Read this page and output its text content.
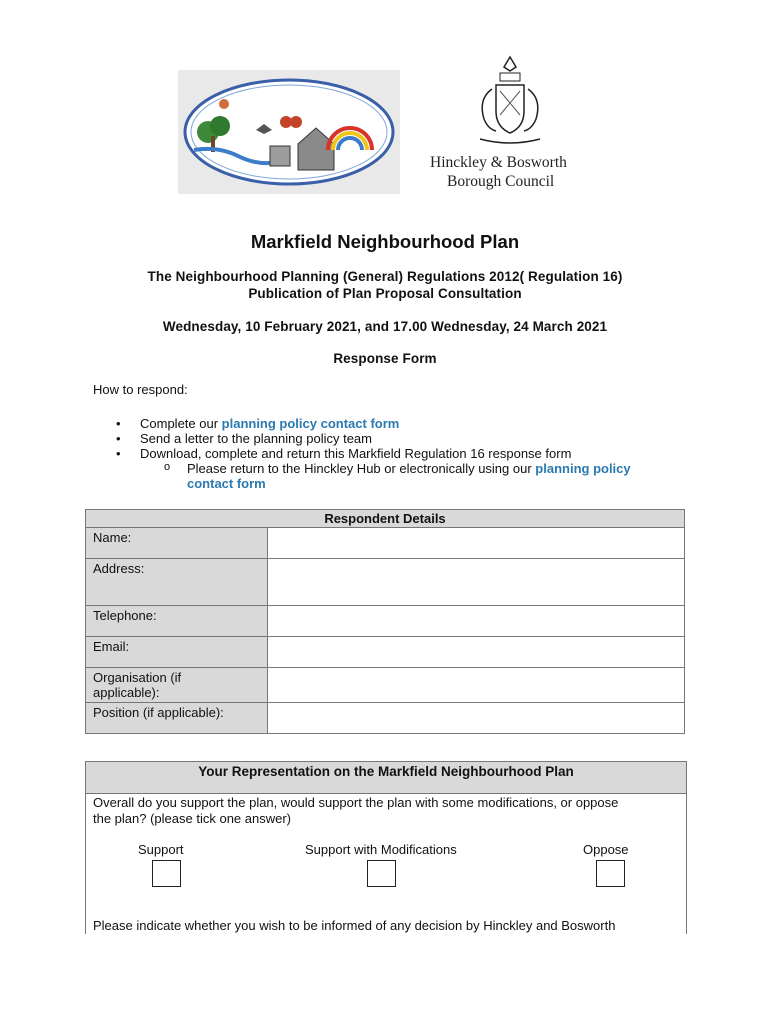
Hinckley & Bosworth
Borough Council
Markfield Neighbourhood Plan
The Neighbourhood Planning (General) Regulations 2012( Regulation 16)
Publication of Plan Proposal Consultation
Wednesday, 10 February 2021, and 17.00 Wednesday, 24 March 2021
Response Form
How to respond:
• Complete our planning policy contact form
• Send a letter to the planning policy team
• Download, complete and return this Markfield Regulation 16 response form
o Please return to the Hinckley Hub or electronically using our planning policy
contact form
Respondent Details	
Name:	
Address:	
Telephone:	
Email:	

Organisation (if
applicable):	

Position (if applicable):	
Your Representation on the Markfield Neighbourhood Plan
Overall do you support the plan, would support the plan with some modifications, or oppose
the plan? (please tick one answer)
Support	Support with Modifications	Oppose
Please indicate whether you wish to be informed of any decision by Hinckley and Bosworth
